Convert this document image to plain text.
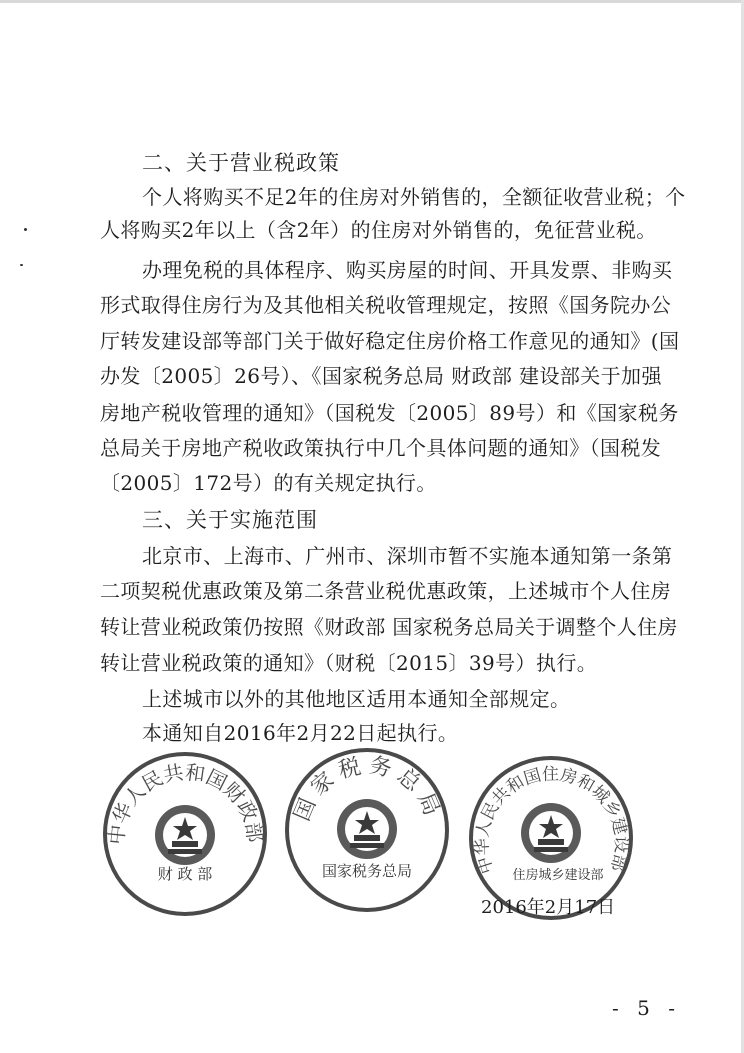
二、关于营业税政策
个人将购买不足2年的住房对外销售的，全额征收营业税；个
人将购买2年以上（含2年）的住房对外销售的，免征营业税。
办理免税的具体程序、购买房屋的时间、开具发票、非购买
形式取得住房行为及其他相关税收管理规定，按照《国务院办公
厅转发建设部等部门关于做好稳定住房价格工作意见的通知》(国
办发〔2005〕26号）、《国家税务总局 财政部 建设部关于加强
房地产税收管理的通知》（国税发〔2005〕89号）和《国家税务
总局关于房地产税收政策执行中几个具体问题的通知》（国税发
〔2005〕172号）的有关规定执行。
三、关于实施范围
北京市、上海市、广州市、深圳市暂不实施本通知第一条第
二项契税优惠政策及第二条营业税优惠政策，上述城市个人住房
转让营业税政策仍按照《财政部 国家税务总局关于调整个人住房
转让营业税政策的通知》（财税〔2015〕39号）执行。
上述城市以外的其他地区适用本通知全部规定。
本通知自2016年2月22日起执行。
中华人民共和国财政部
财 政 部
国家税务总局
国家税务总局	中华人民共和国住房和城乡建设部
住房城乡建设部
2016年2月17日
- 5 -
